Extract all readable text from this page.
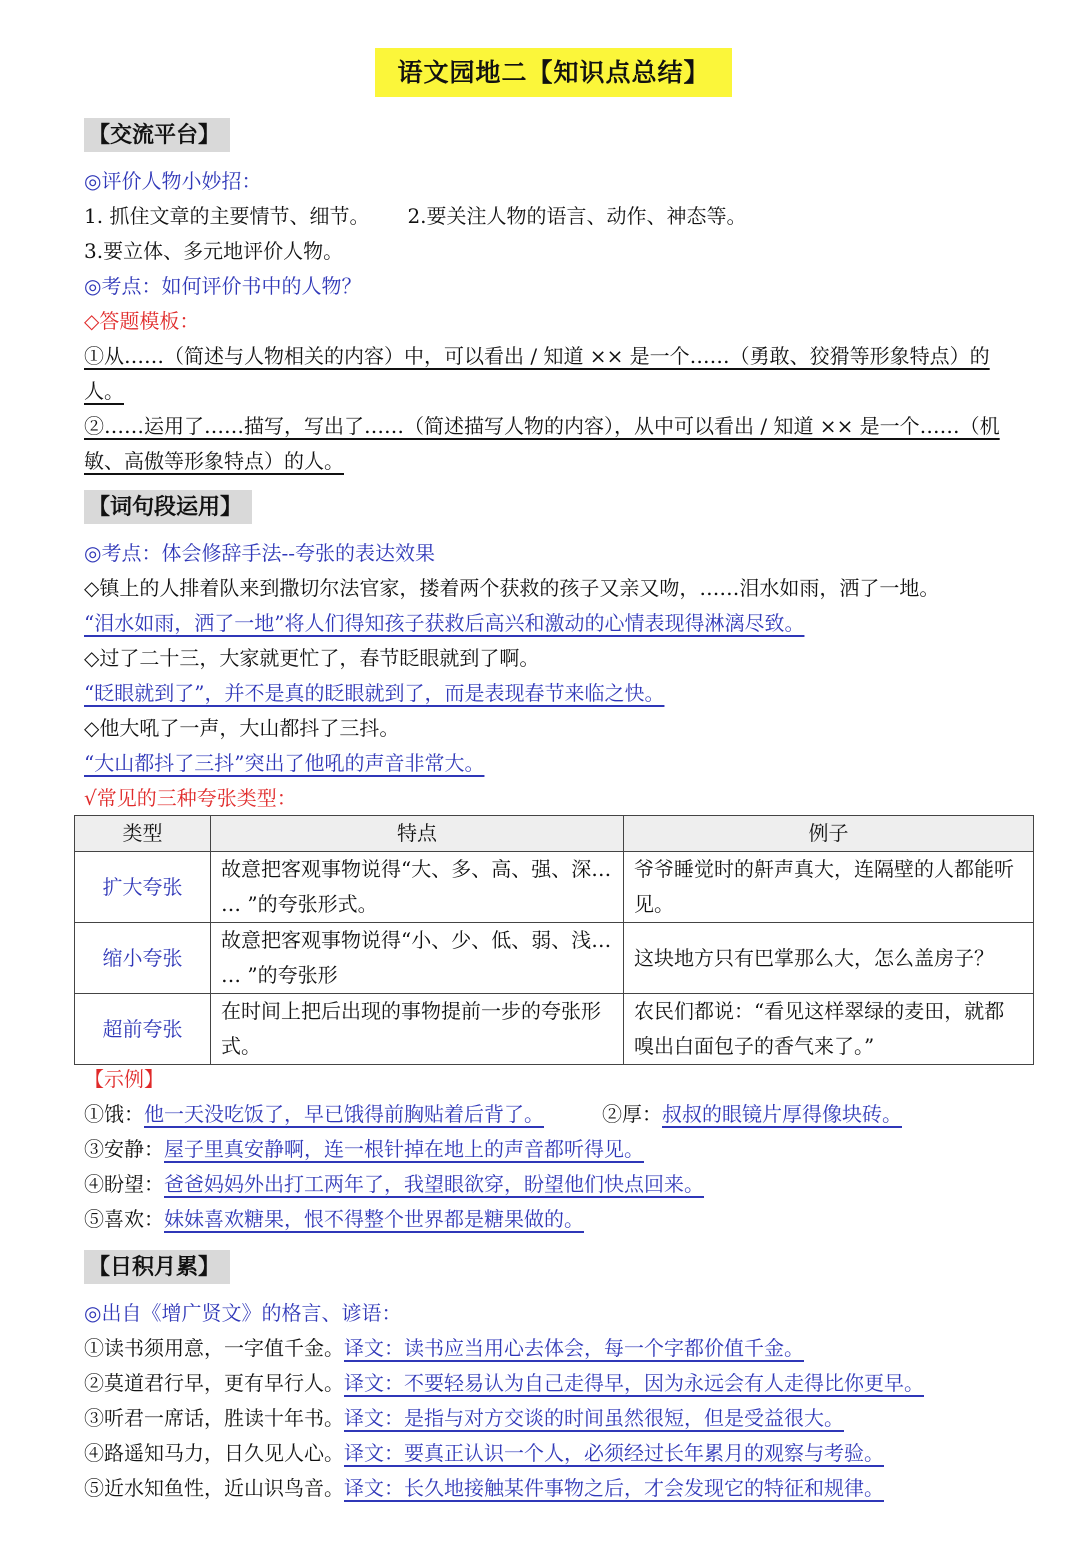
语文园地二【知识点总结】
【交流平台】
◎评价人物小妙招：
1. 抓住文章的主要情节、细节。 2.要关注人物的语言、动作、神态等。
3.要立体、多元地评价人物。
◎考点：如何评价书中的人物？
◇答题模板：
①从……（简述与人物相关的内容）中，可以看出 / 知道 ×× 是一个……（勇敢、狡猾等形象特点）的人。
②……运用了……描写，写出了……（简述描写人物的内容），从中可以看出 / 知道 ×× 是一个……（机敏、高傲等形象特点）的人。
【词句段运用】
◎考点：体会修辞手法--夸张的表达效果
◇镇上的人排着队来到撒切尔法官家，搂着两个获救的孩子又亲又吻，……泪水如雨，洒了一地。
“泪水如雨，洒了一地”将人们得知孩子获救后高兴和激动的心情表现得淋漓尽致。
◇过了二十三，大家就更忙了，春节眨眼就到了啊。
“眨眼就到了”，并不是真的眨眼就到了，而是表现春节来临之快。
◇他大吼了一声，大山都抖了三抖。
“大山都抖了三抖”突出了他吼的声音非常大。
√常见的三种夸张类型：
类型	特点	例子
扩大夸张	故意把客观事物说得“大、多、高、强、深… … ”的夸张形式。	爷爷睡觉时的鼾声真大，连隔壁的人都能听见。
缩小夸张	故意把客观事物说得“小、少、低、弱、浅… … ”的夸张形	这块地方只有巴掌那么大，怎么盖房子？
超前夸张	在时间上把后出现的事物提前一步的夸张形式。	农民们都说：“看见这样翠绿的麦田，就都嗅出白面包子的香气来了。”
【示例】
①饿：他一天没吃饭了，早已饿得前胸贴着后背了。	②厚：叔叔的眼镜片厚得像块砖。
③安静：屋子里真安静啊，连一根针掉在地上的声音都听得见。
④盼望：爸爸妈妈外出打工两年了，我望眼欲穿，盼望他们快点回来。
⑤喜欢：妹妹喜欢糖果，恨不得整个世界都是糖果做的。
【日积月累】
◎出自《增广贤文》的格言、谚语：
①读书须用意，一字值千金。译文：读书应当用心去体会，每一个字都价值千金。
②莫道君行早，更有早行人。译文：不要轻易认为自己走得早，因为永远会有人走得比你更早。
③听君一席话，胜读十年书。译文：是指与对方交谈的时间虽然很短，但是受益很大。
④路遥知马力，日久见人心。译文：要真正认识一个人，必须经过长年累月的观察与考验。
⑤近水知鱼性，近山识鸟音。译文：长久地接触某件事物之后，才会发现它的特征和规律。
